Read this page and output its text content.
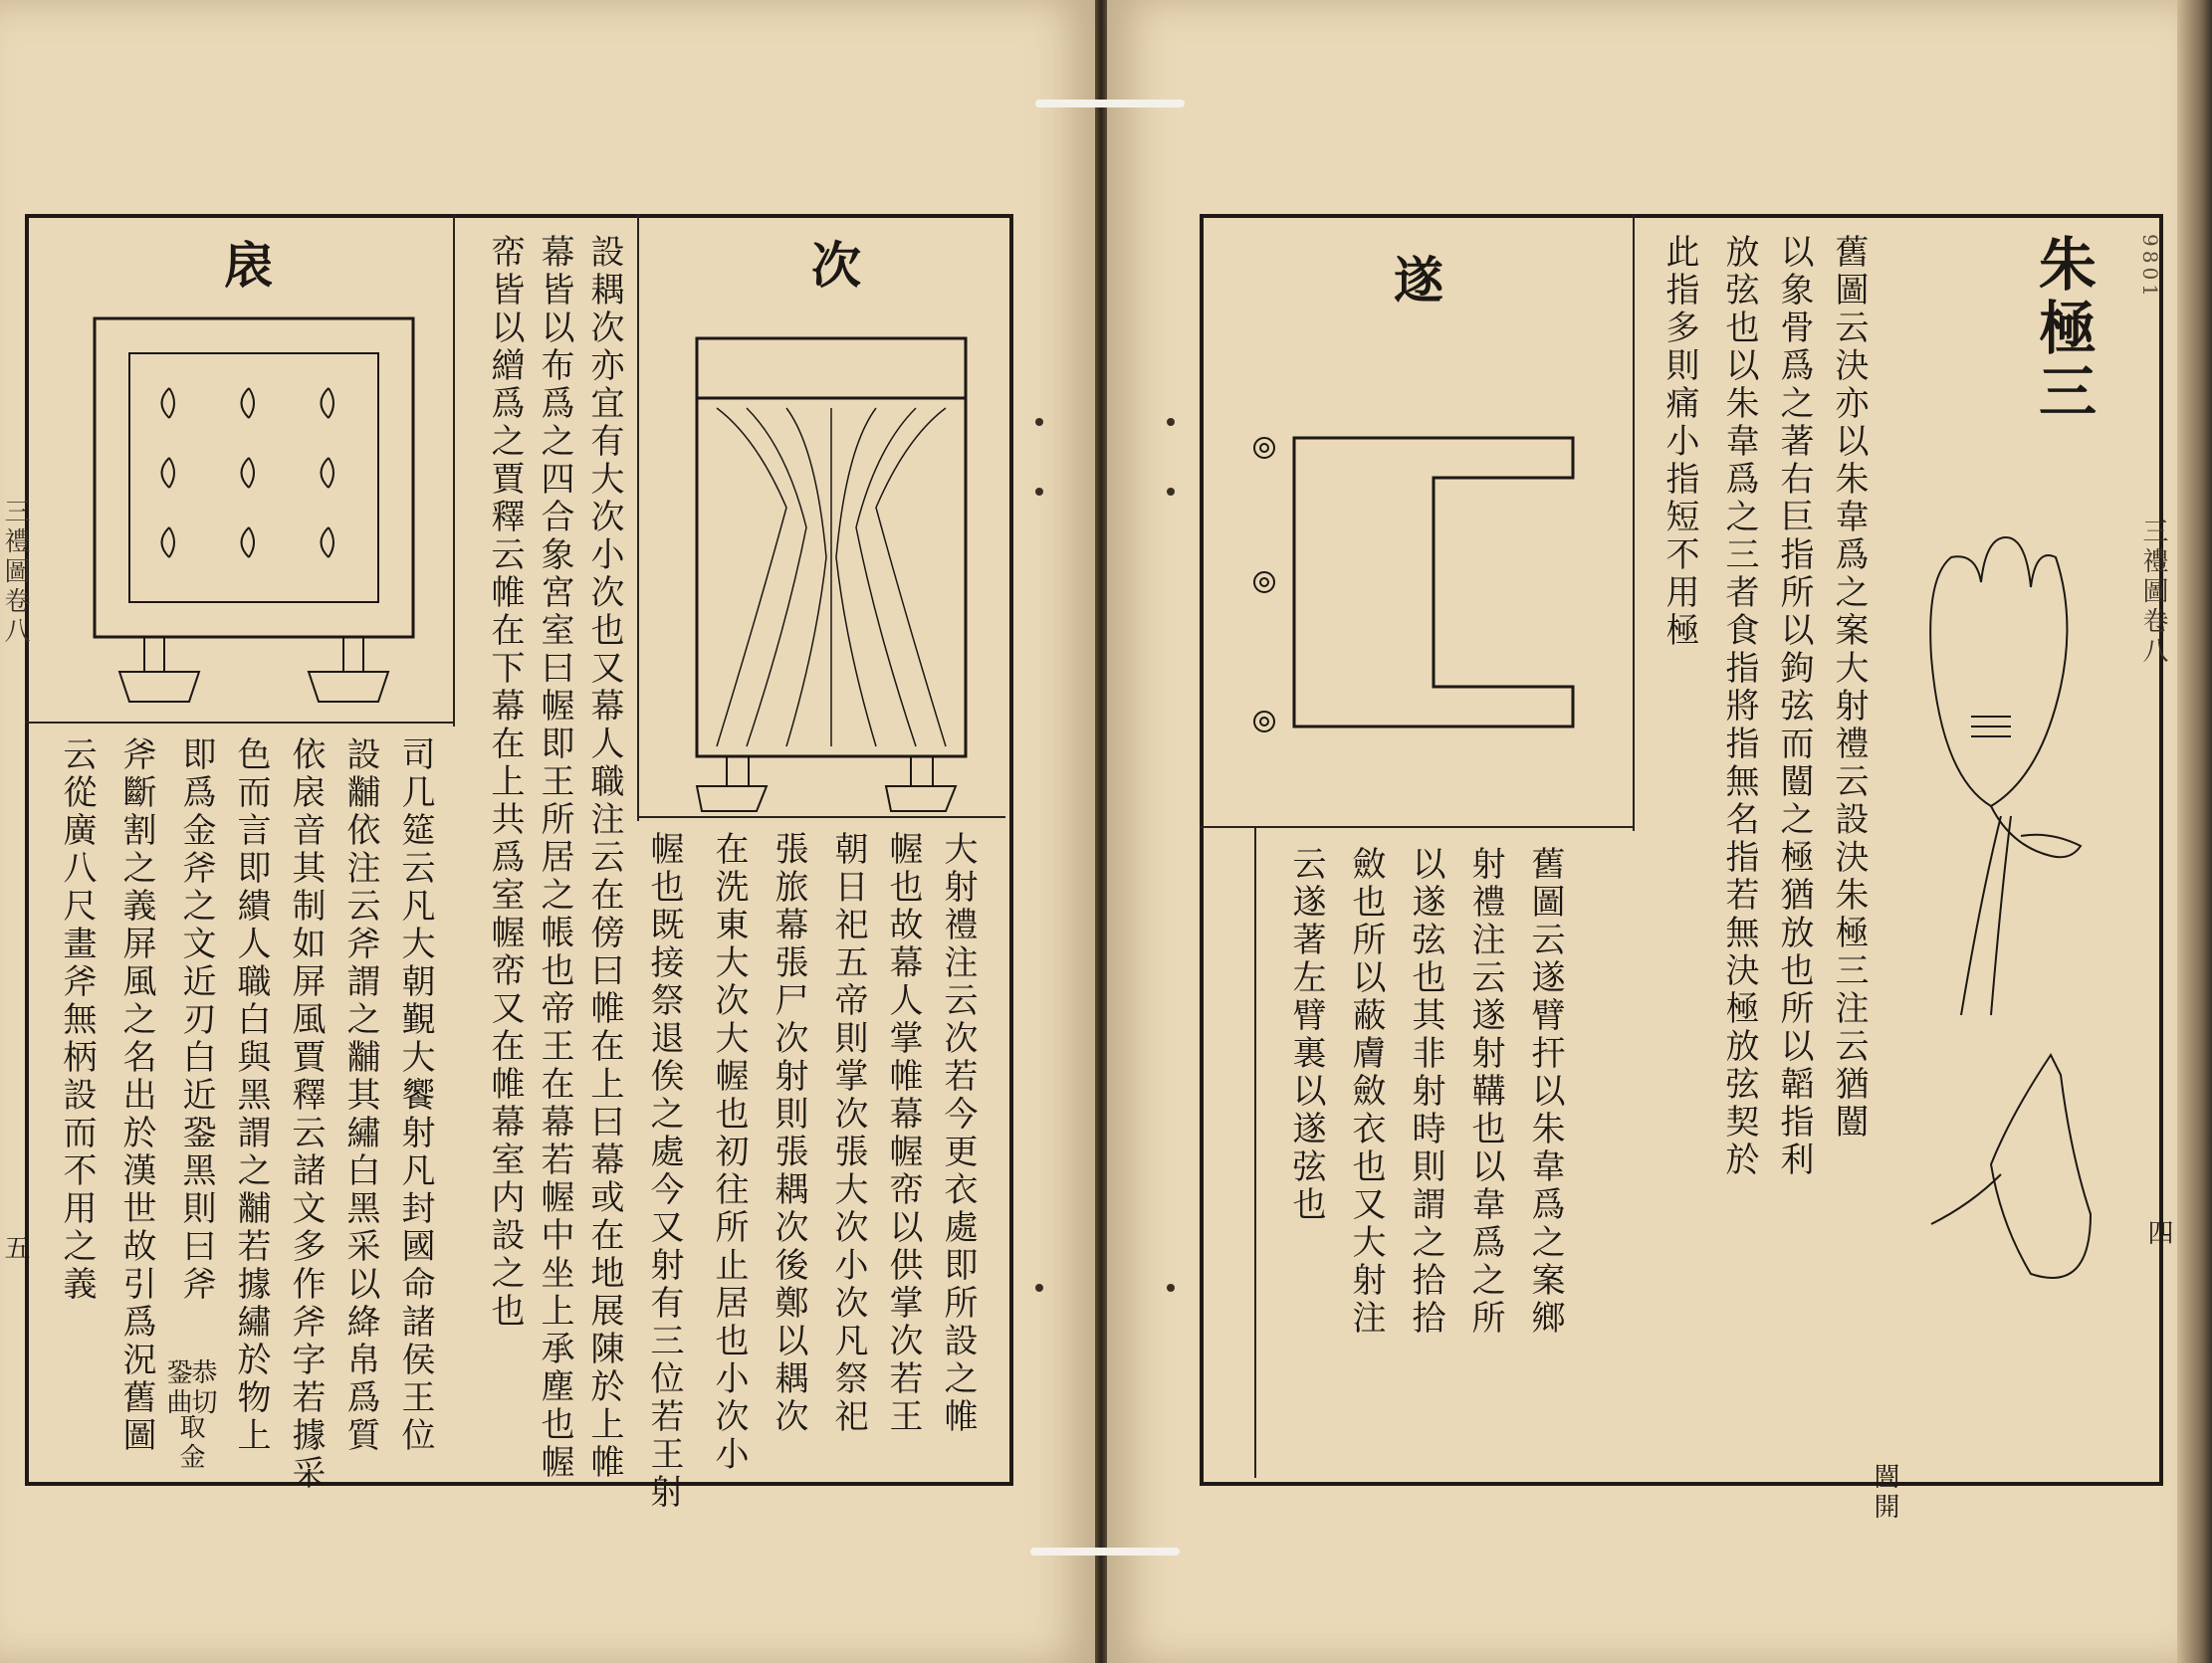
扆	次
設耦次亦宜有大次小次也又幕人職注云在傍曰帷在上曰幕或在地展陳於上帷
幕皆以布爲之四合象宮室曰幄即王所居之帳也帝王在幕若幄中坐上承塵也幄
帟皆以繒爲之賈釋云帷在下幕在上共爲室幄帟又在帷幕室内設之也	大射禮注云次若今更衣處即所設之帷
幄也故幕人掌帷幕幄帟以供掌次若王
朝日祀五帝則掌次張大次小次凡祭祀
張旅幕張尸次射則張耦次後鄭以耦次
在洗東大次大幄也初往所止居也小次小
幄也既接祭退俟之處今又射有三位若王射
司几筵云凡大朝覲大饗射凡封國命諸侯王位
設黼依注云斧謂之黼其繡白黑采以絳帛爲質
依扆音其制如屏風賈釋云諸文多作斧字若據采
色而言即繢人職白與黑謂之黼若據繡於物上
即爲金斧之文近刃白近銎黑則曰斧
斧斷割之義屏風之名出於漢世故引爲況舊圖
云從廣八尺畫斧無柄設而不用之義
銎曲
恭切
取金
三禮圖卷八
五
朱極三
舊圖云決亦以朱韋爲之案大射禮云設決朱極三注云猶闓
以象骨爲之著右巨指所以鉤弦而闓之極猶放也所以韜指利
放弦也以朱韋爲之三者食指將指無名指若無決極放弦契於
此指多則痛小指短不用極
闓開
遂
舊圖云遂臂扞以朱韋爲之案鄉
射禮注云遂射鞲也以韋爲之所
以遂弦也其非射時則謂之拾拾
斂也所以蔽膚斂衣也又大射注
云遂著左臂裏以遂弦也
三禮圖卷八
四
9801
